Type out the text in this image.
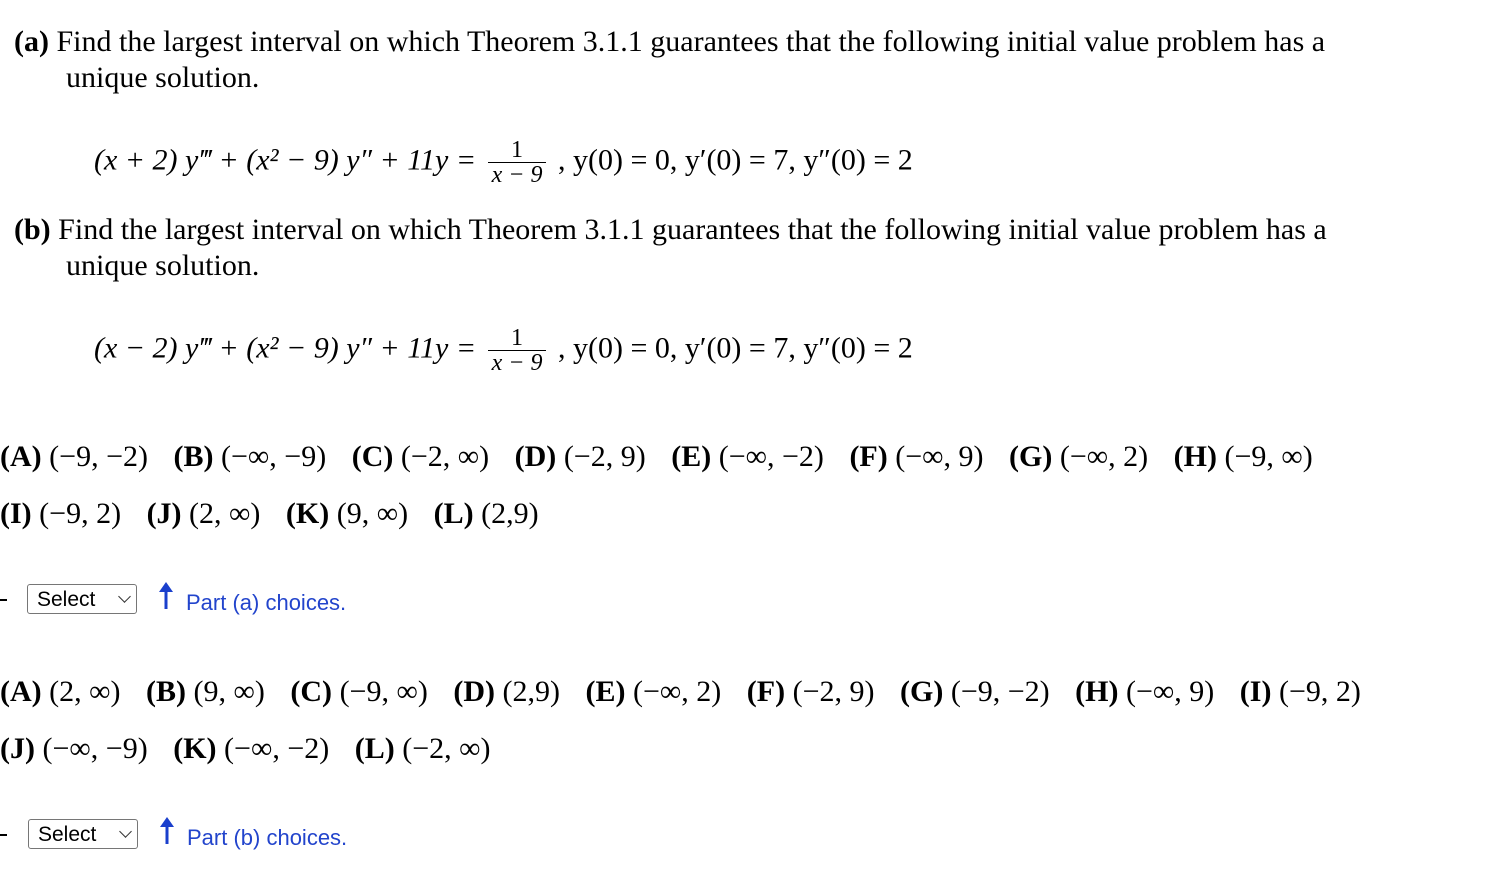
(a) Find the largest interval on which Theorem 3.1.1 guarantees that the following initial value problem has a
unique solution.
(x + 2) y‴ + (x² − 9) $y'' + 11y = \frac{1}{x - 9}$ , y(0) = 0, y′(0) = 7, y″(0) = 2
(b) Find the largest interval on which Theorem 3.1.1 guarantees that the following initial value problem has a
unique solution.
(x − 2) y‴ + (x² − 9) $y'' + 11y = \frac{1}{x - 9}$ , y(0) = 0, y′(0) = 7, y″(0) = 2
(A) (−9, −2) (B) (−∞, −9) (C) (−2, ∞) (D) (−2, 9) (E) (−∞, −2) (F) (−∞, 9) (G) (−∞, 2) (H) (−9, ∞)
(I) (−9, 2) (J) (2, ∞) (K) (9, ∞) (L) (2,9)
Select	Part (a) choices.
(A) (2, ∞) (B) (9, ∞) (C) (−9, ∞) (D) (2,9) (E) (−∞, 2) (F) (−2, 9) (G) (−9, −2) (H) (−∞, 9) (I) (−9, 2)
(J) (−∞, −9) (K) (−∞, −2) (L) (−2, ∞)
Select	Part (b) choices.
